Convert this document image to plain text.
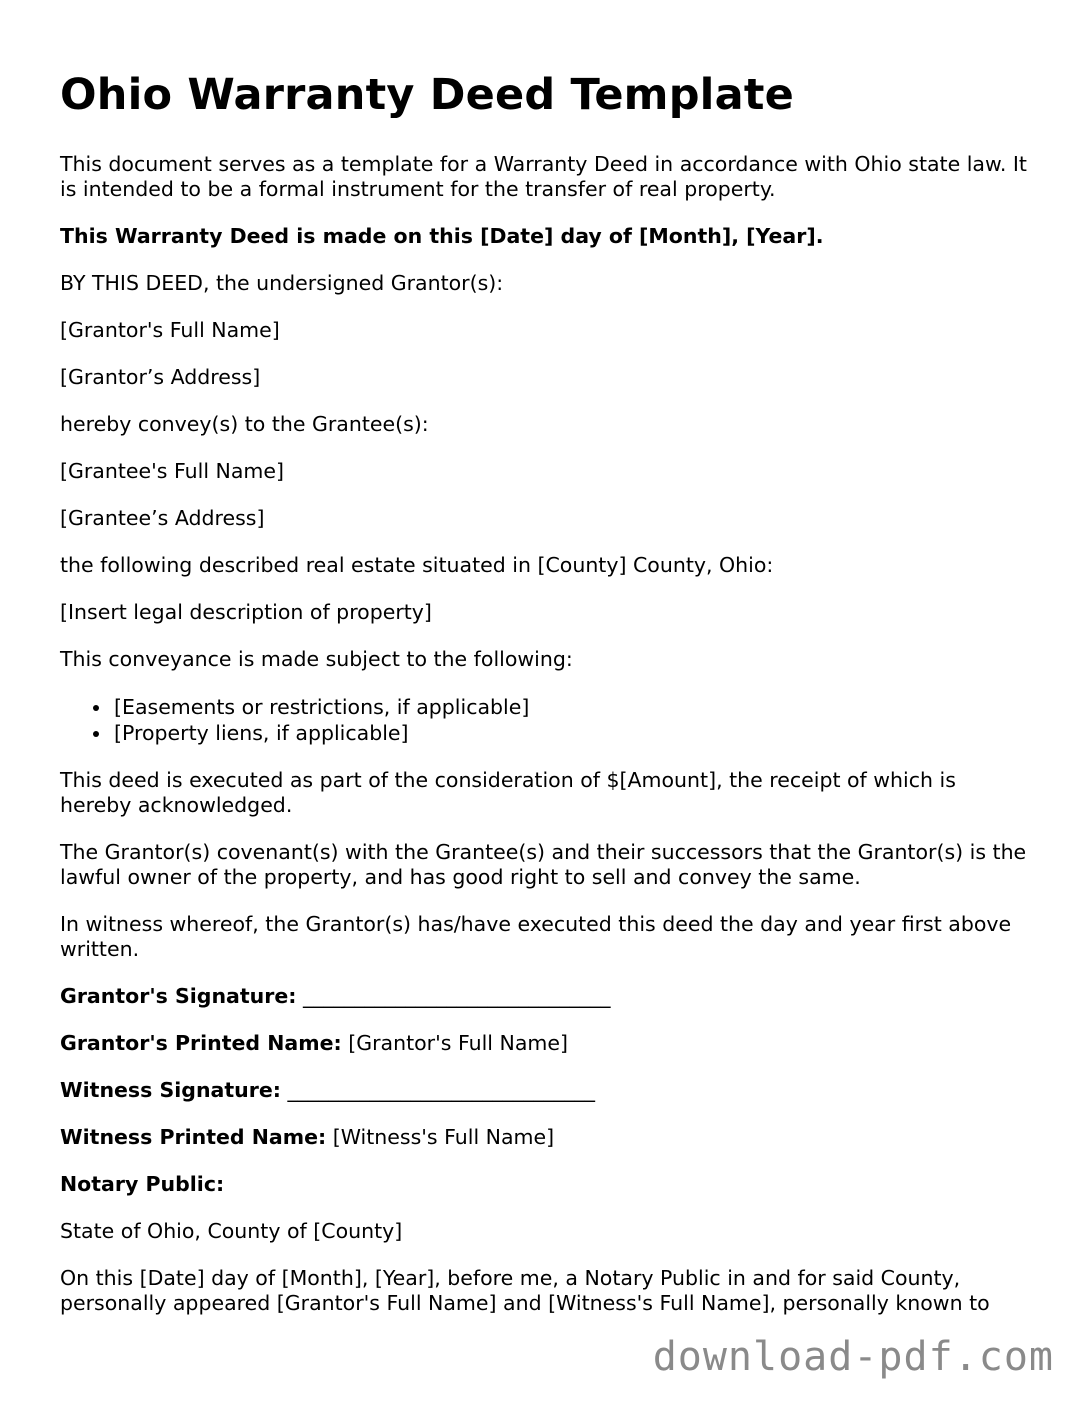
Ohio Warranty Deed Template

This document serves as a template for a Warranty Deed in accordance with Ohio state law. It is intended to be a formal instrument for the transfer of real property.

This Warranty Deed is made on this [Date] day of [Month], [Year].

BY THIS DEED, the undersigned Grantor(s):

[Grantor's Full Name]

[Grantor’s Address]

hereby convey(s) to the Grantee(s):

[Grantee's Full Name]

[Grantee’s Address]

the following described real estate situated in [County] County, Ohio:

[Insert legal description of property]

This conveyance is made subject to the following:

• [Easements or restrictions, if applicable]
• [Property liens, if applicable]

This deed is executed as part of the consideration of $[Amount], the receipt of which is hereby acknowledged.

The Grantor(s) covenant(s) with the Grantee(s) and their successors that the Grantor(s) is the lawful owner of the property, and has good right to sell and convey the same.

In witness whereof, the Grantor(s) has/have executed this deed the day and year first above written.

Grantor's Signature: ______________________________

Grantor's Printed Name: [Grantor's Full Name]

Witness Signature: ______________________________

Witness Printed Name: [Witness's Full Name]

Notary Public:

State of Ohio, County of [County]

On this [Date] day of [Month], [Year], before me, a Notary Public in and for said County, personally appeared [Grantor's Full Name] and [Witness's Full Name], personally known to

download-pdf.com
